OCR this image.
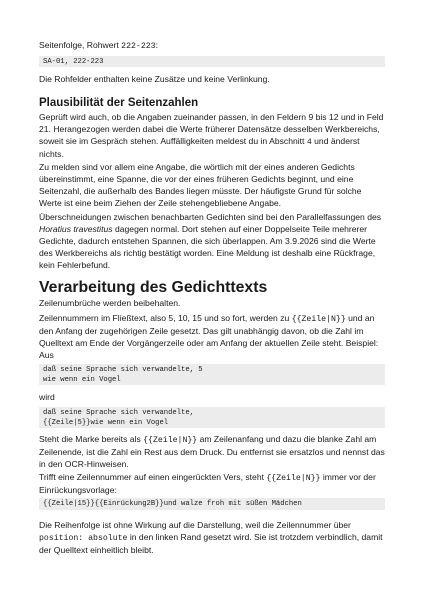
Seitenfolge, Rohwert 222-223:

SA-01, 222-223

Die Rohfelder enthalten keine Zusätze und keine Verlinkung.

Plausibilität der Seitenzahlen

Geprüft wird auch, ob die Angaben zueinander passen, in den Feldern 9 bis 12 und in Feld 21. Herangezogen werden dabei die Werte früherer Datensätze desselben Werkbereichs, soweit sie im Gespräch stehen. Auffälligkeiten meldest du in Abschnitt 4 und änderst nichts.

Zu melden sind vor allem eine Angabe, die wörtlich mit der eines anderen Gedichts übereinstimmt, eine Spanne, die vor der eines früheren Gedichts beginnt, und eine Seitenzahl, die außerhalb des Bandes liegen müsste. Der häufigste Grund für solche Werte ist eine beim Ziehen der Zeile stehengebliebene Angabe.

Überschneidungen zwischen benachbarten Gedichten sind bei den Parallelfassungen des Horatius travestitus dagegen normal. Dort stehen auf einer Doppelseite Teile mehrerer Gedichte, dadurch entstehen Spannen, die sich überlappen. Am 3.9.2026 sind die Werte des Werkbereichs als richtig bestätigt worden. Eine Meldung ist deshalb eine Rückfrage, kein Fehlerbefund.

Verarbeitung des Gedichttexts

Zeilenumbrüche werden beibehalten.

Zeilennummern im Fließtext, also 5, 10, 15 und so fort, werden zu {{Zeile|N}} und an den Anfang der zugehörigen Zeile gesetzt. Das gilt unabhängig davon, ob die Zahl im Quelltext am Ende der Vorgängerzeile oder am Anfang der aktuellen Zeile steht. Beispiel: Aus

daß seine Sprache sich verwandelte, 5
wie wenn ein Vogel

wird

daß seine Sprache sich verwandelte,
{{Zeile|5}}wie wenn ein Vogel

Steht die Marke bereits als {{Zeile|N}} am Zeilenanfang und dazu die blanke Zahl am Zeilenende, ist die Zahl ein Rest aus dem Druck. Du entfernst sie ersatzlos und nennst das in den OCR-Hinweisen.

Trifft eine Zeilennummer auf einen eingerückten Vers, steht {{Zeile|N}} immer vor der Einrückungsvorlage:

{{Zeile|15}}{{Einrückung2B}}und walze froh mit süßen Mädchen

Die Reihenfolge ist ohne Wirkung auf die Darstellung, weil die Zeilennummer über position: absolute in den linken Rand gesetzt wird. Sie ist trotzdem verbindlich, damit der Quelltext einheitlich bleibt.
